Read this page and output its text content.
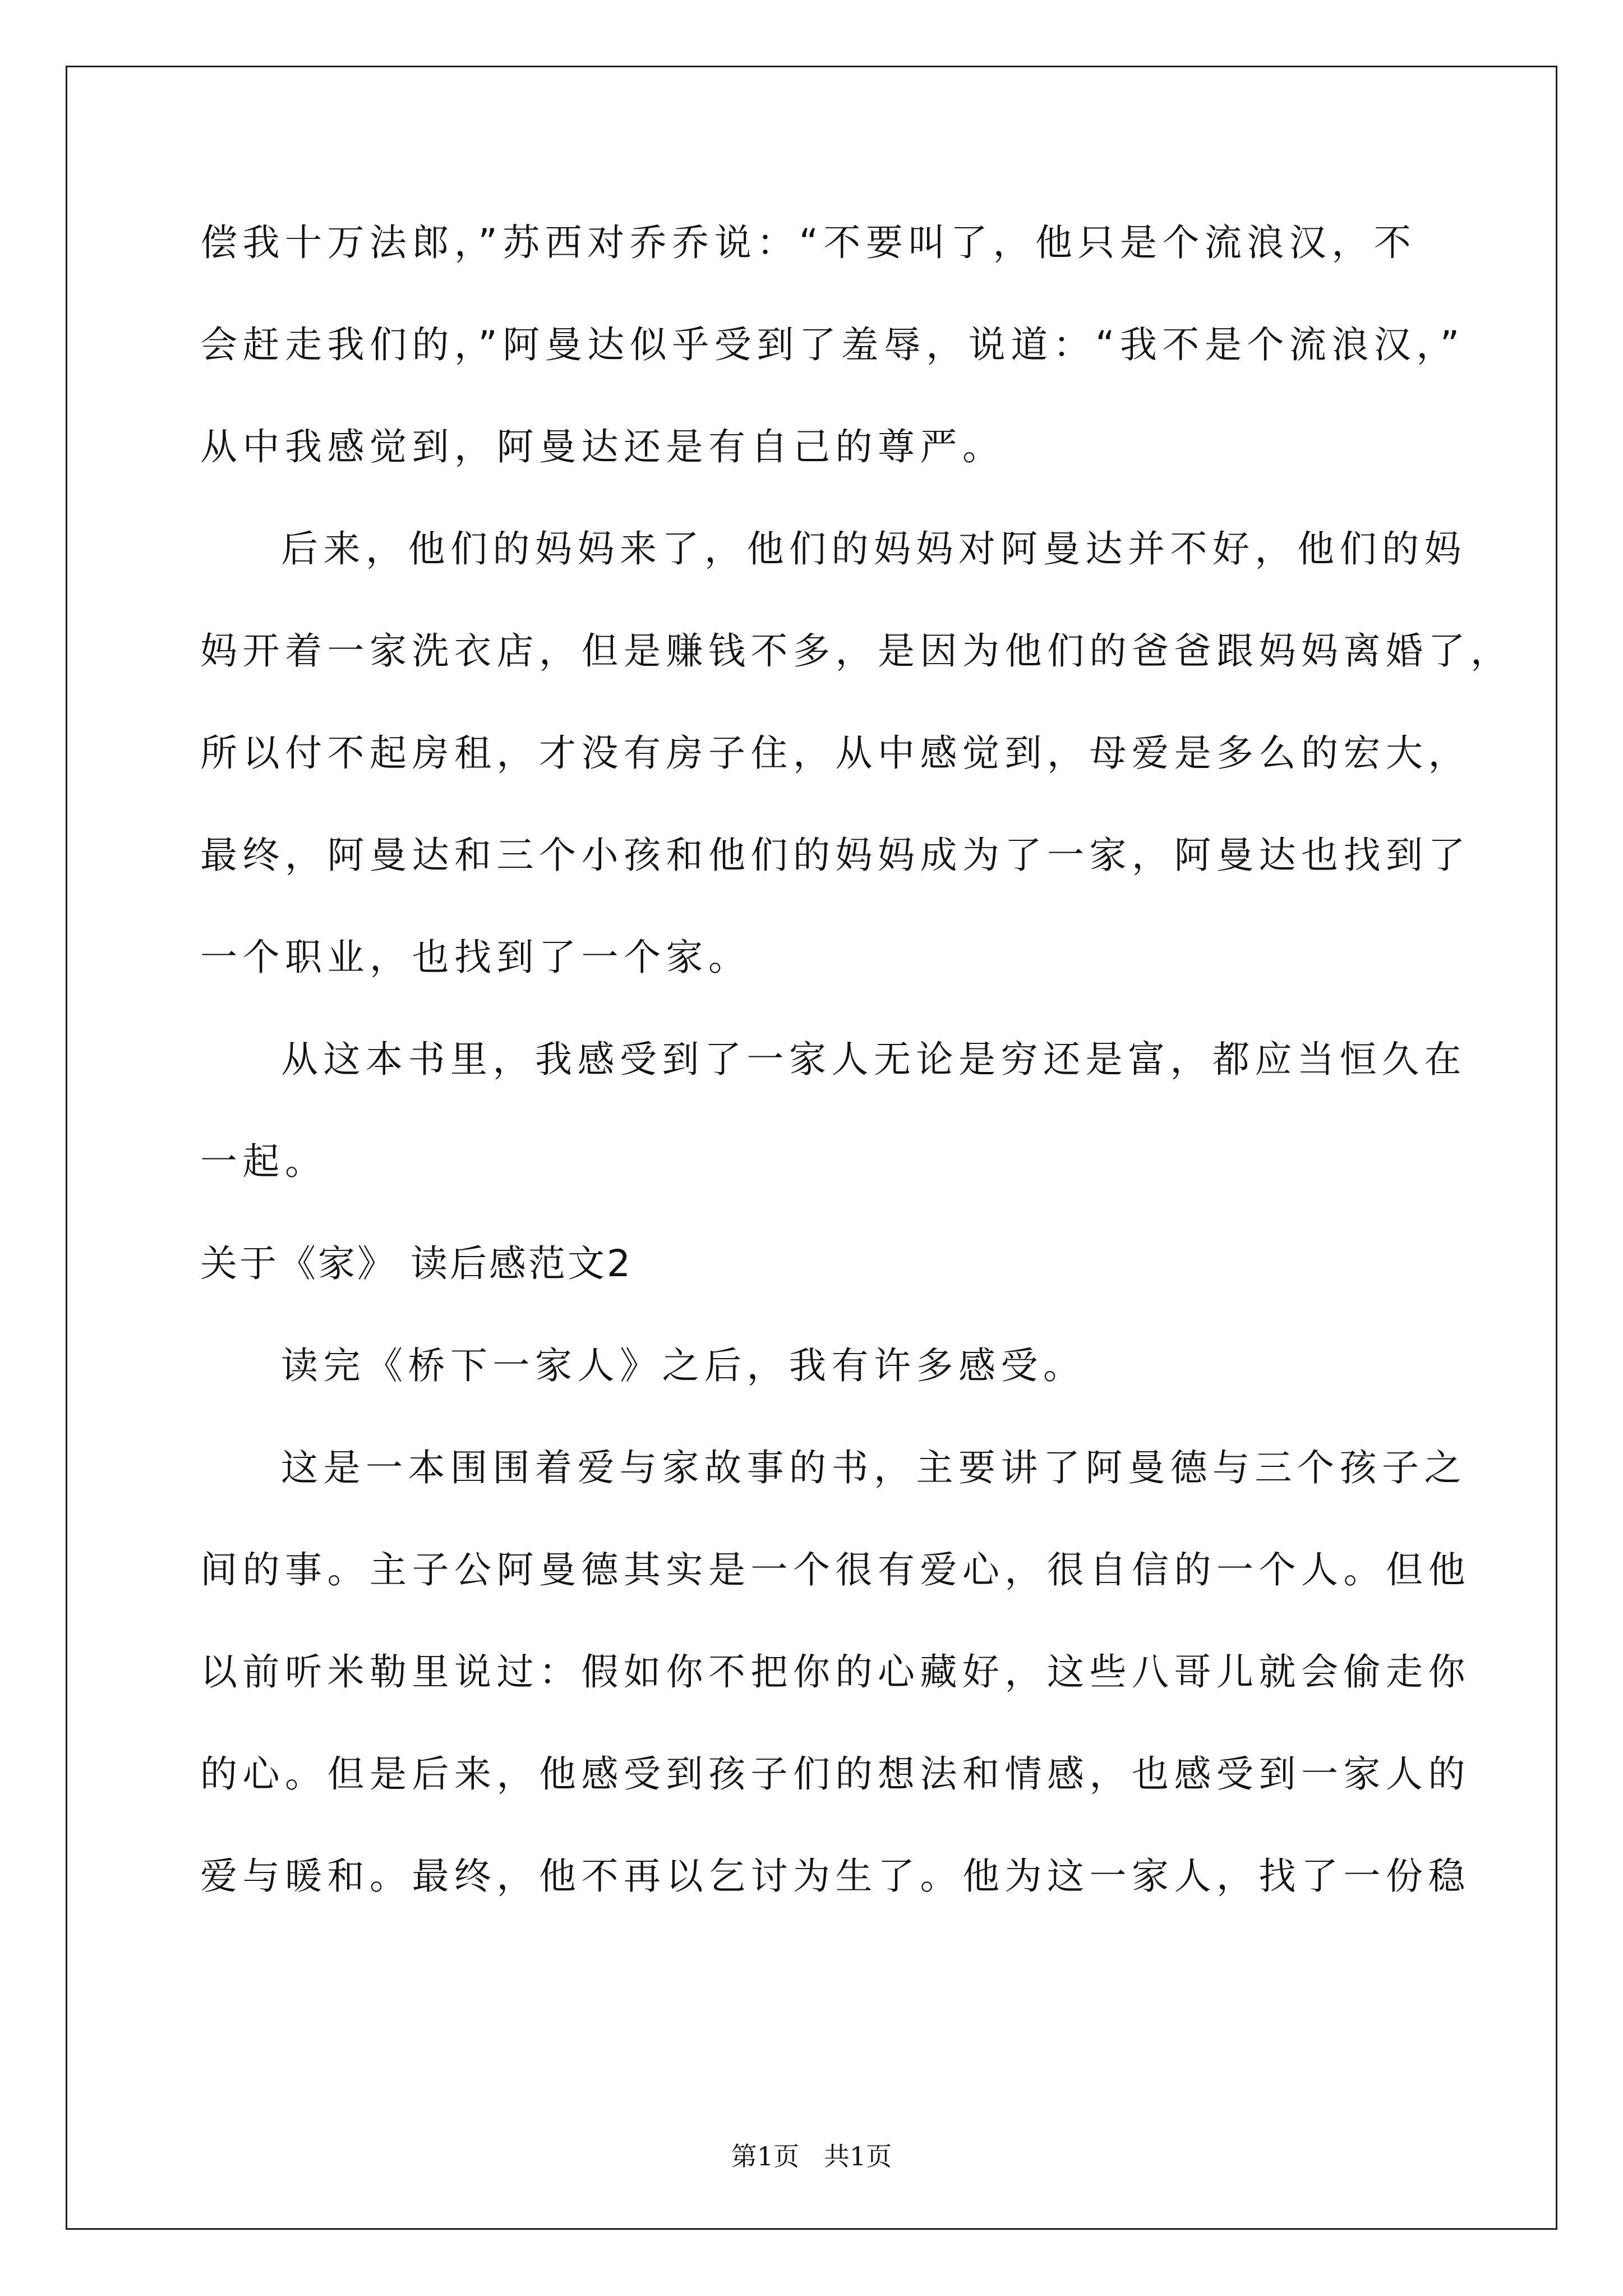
偿我十万法郎，”苏西对乔乔说：“不要叫了，他只是个流浪汉，不
会赶走我们的，”阿曼达似乎受到了羞辱，说道：“我不是个流浪汉，”
从中我感觉到，阿曼达还是有自己的尊严。
后来，他们的妈妈来了，他们的妈妈对阿曼达并不好，他们的妈
妈开着一家洗衣店，但是赚钱不多，是因为他们的爸爸跟妈妈离婚了，
所以付不起房租，才没有房子住，从中感觉到，母爱是多么的宏大，
最终，阿曼达和三个小孩和他们的妈妈成为了一家，阿曼达也找到了
一个职业，也找到了一个家。
从这本书里，我感受到了一家人无论是穷还是富，都应当恒久在
一起。
关于《家》 读后感范文2
读完《桥下一家人》之后，我有许多感受。
这是一本围围着爱与家故事的书，主要讲了阿曼德与三个孩子之
间的事。主子公阿曼德其实是一个很有爱心，很自信的一个人。但他
以前听米勒里说过：假如你不把你的心藏好，这些八哥儿就会偷走你
的心。但是后来，他感受到孩子们的想法和情感，也感受到一家人的
爱与暖和。最终，他不再以乞讨为生了。他为这一家人，找了一份稳
第1页   共1页
